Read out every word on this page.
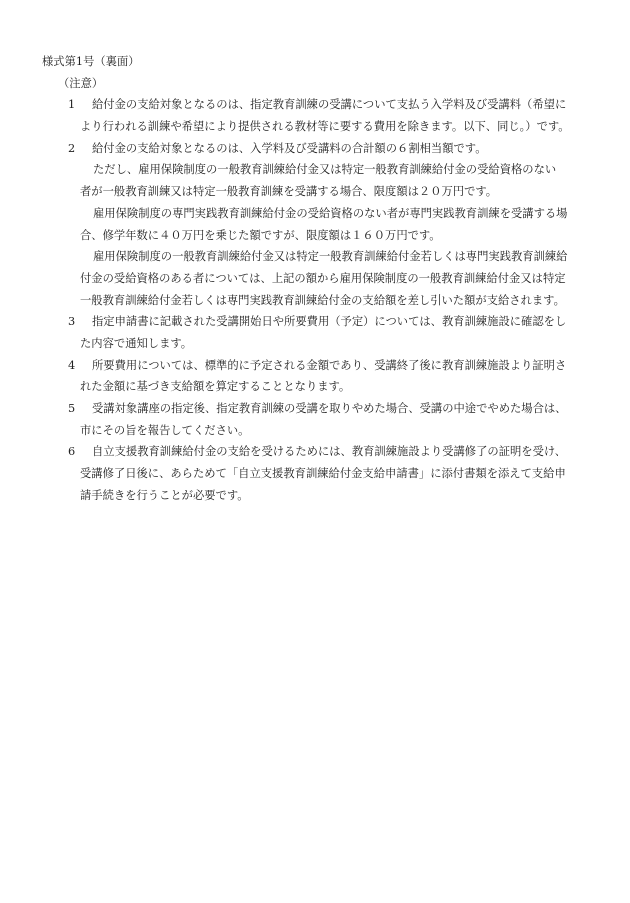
様式第1号（裏面）
（注意）
1 給付金の支給対象となるのは、指定教育訓練の受講について支払う入学料及び受講料（希望に
より行われる訓練や希望により提供される教材等に要する費用を除きます。以下、同じ。）です。
2 給付金の支給対象となるのは、入学料及び受講料の合計額の６割相当額です。
ただし、雇用保険制度の一般教育訓練給付金又は特定一般教育訓練給付金の受給資格のない
者が一般教育訓練又は特定一般教育訓練を受講する場合、限度額は２０万円です。
雇用保険制度の専門実践教育訓練給付金の受給資格のない者が専門実践教育訓練を受講する場
合、修学年数に４０万円を乗じた額ですが、限度額は１６０万円です。
雇用保険制度の一般教育訓練給付金又は特定一般教育訓練給付金若しくは専門実践教育訓練給
付金の受給資格のある者については、上記の額から雇用保険制度の一般教育訓練給付金又は特定
一般教育訓練給付金若しくは専門実践教育訓練給付金の支給額を差し引いた額が支給されます。
3 指定申請書に記載された受講開始日や所要費用（予定）については、教育訓練施設に確認をし
た内容で通知します。
4 所要費用については、標準的に予定される金額であり、受講終了後に教育訓練施設より証明さ
れた金額に基づき支給額を算定することとなります。
5 受講対象講座の指定後、指定教育訓練の受講を取りやめた場合、受講の中途でやめた場合は、
市にその旨を報告してください。
6 自立支援教育訓練給付金の支給を受けるためには、教育訓練施設より受講修了の証明を受け、
受講修了日後に、あらためて「自立支援教育訓練給付金支給申請書」に添付書類を添えて支給申
請手続きを行うことが必要です。
